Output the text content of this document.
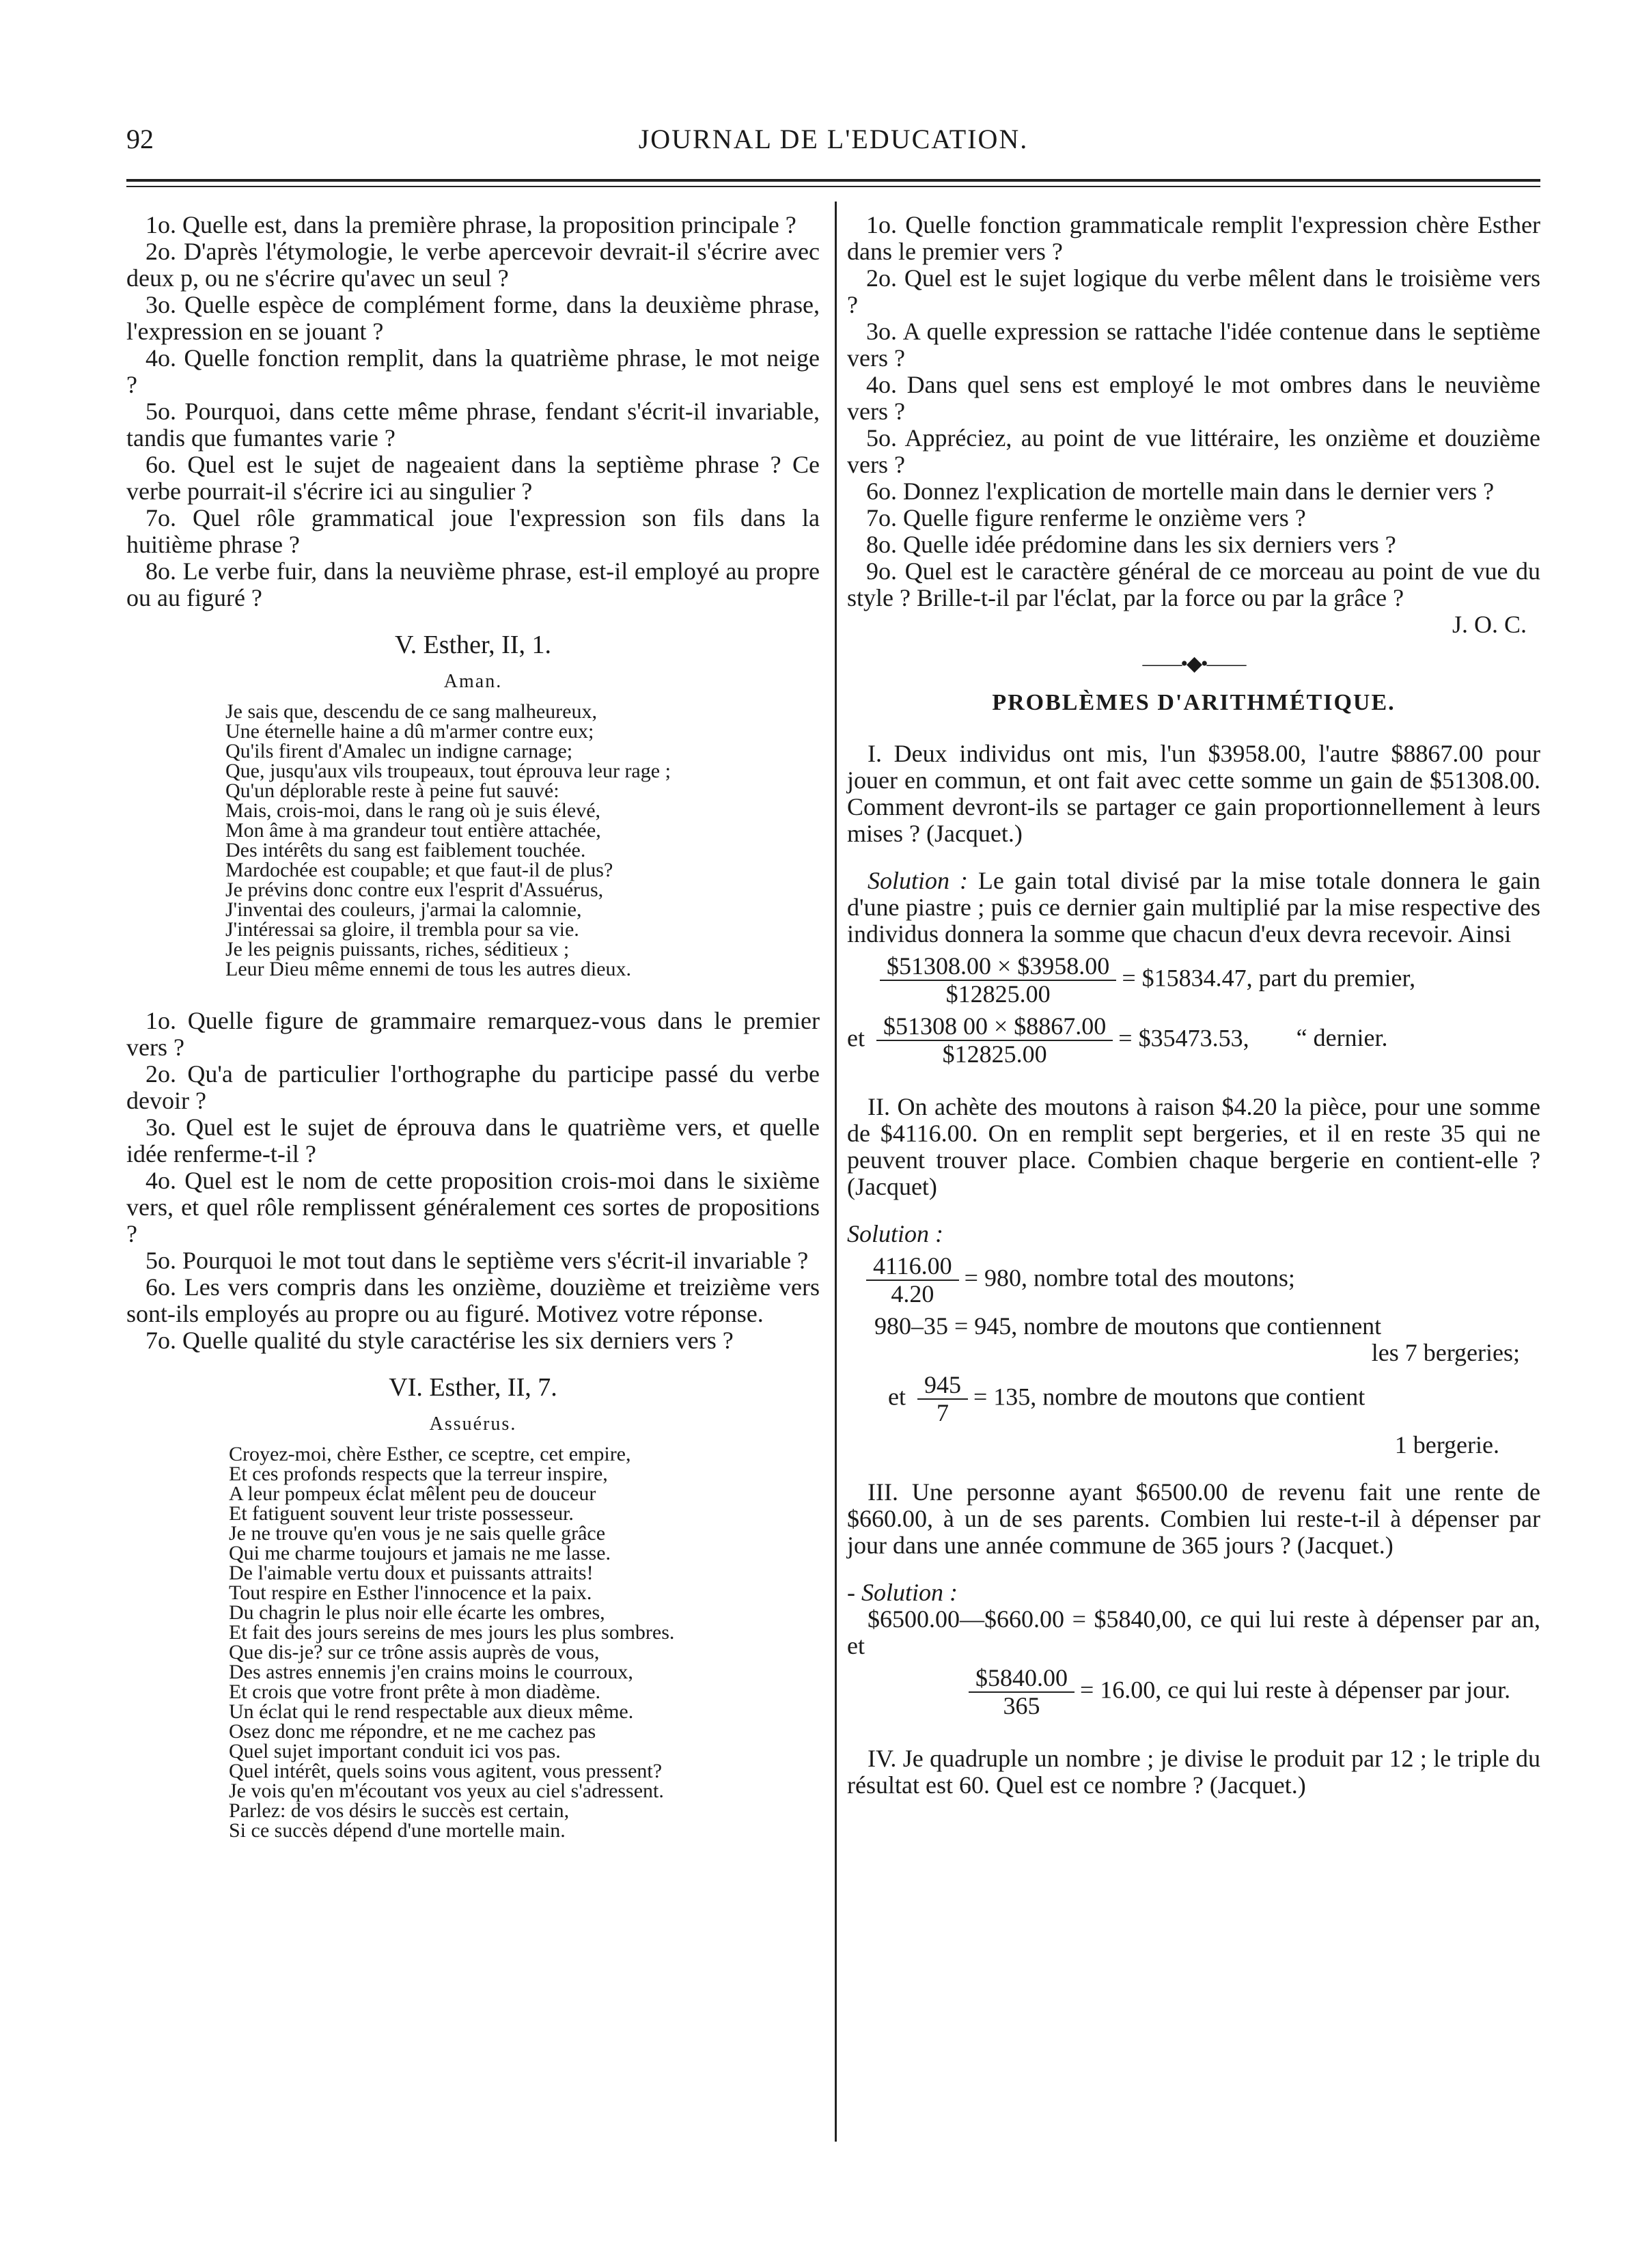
92	JOURNAL DE L'EDUCATION.

1o. Quelle est, dans la première phrase, la proposition principale ?

2o. D'après l'étymologie, le verbe apercevoir devrait-il s'écrire avec deux p, ou ne s'écrire qu'avec un seul ?

3o. Quelle espèce de complément forme, dans la deuxième phrase, l'expression en se jouant ?

4o. Quelle fonction remplit, dans la quatrième phrase, le mot neige ?

5o. Pourquoi, dans cette même phrase, fendant s'écrit-il invariable, tandis que fumantes varie ?

6o. Quel est le sujet de nageaient dans la septième phrase ? Ce verbe pourrait-il s'écrire ici au singulier ?

7o. Quel rôle grammatical joue l'expression son fils dans la huitième phrase ?

8o. Le verbe fuir, dans la neuvième phrase, est-il employé au propre ou au figuré ?

V. Esther, II, 1.
Aman.
Je sais que, descendu de ce sang malheureux,
Une éternelle haine a dû m'armer contre eux;
Qu'ils firent d'Amalec un indigne carnage;
Que, jusqu'aux vils troupeaux, tout éprouva leur rage ;
Qu'un déplorable reste à peine fut sauvé:
Mais, crois-moi, dans le rang où je suis élevé,
Mon âme à ma grandeur tout entière attachée,
Des intérêts du sang est faiblement touchée.
Mardochée est coupable; et que faut-il de plus?
Je prévins donc contre eux l'esprit d'Assuérus,
J'inventai des couleurs, j'armai la calomnie,
J'intéressai sa gloire, il trembla pour sa vie.
Je les peignis puissants, riches, séditieux ;
Leur Dieu même ennemi de tous les autres dieux.

1o. Quelle figure de grammaire remarquez-vous dans le premier vers ?

2o. Qu'a de particulier l'orthographe du participe passé du verbe devoir ?

3o. Quel est le sujet de éprouva dans le quatrième vers, et quelle idée renferme-t-il ?

4o. Quel est le nom de cette proposition crois-moi dans le sixième vers, et quel rôle remplissent généralement ces sortes de propositions ?

5o. Pourquoi le mot tout dans le septième vers s'écrit-il invariable ?

6o. Les vers compris dans les onzième, douzième et treizième vers sont-ils employés au propre ou au figuré. Motivez votre réponse.

7o. Quelle qualité du style caractérise les six derniers vers ?

VI. Esther, II, 7.
Assuérus.
Croyez-moi, chère Esther, ce sceptre, cet empire,
Et ces profonds respects que la terreur inspire,
A leur pompeux éclat mêlent peu de douceur
Et fatiguent souvent leur triste possesseur.
Je ne trouve qu'en vous je ne sais quelle grâce
Qui me charme toujours et jamais ne me lasse.
De l'aimable vertu doux et puissants attraits!
Tout respire en Esther l'innocence et la paix.
Du chagrin le plus noir elle écarte les ombres,
Et fait des jours sereins de mes jours les plus sombres.
Que dis-je? sur ce trône assis auprès de vous,
Des astres ennemis j'en crains moins le courroux,
Et crois que votre front prête à mon diadème.
Un éclat qui le rend respectable aux dieux même.
Osez donc me répondre, et ne me cachez pas
Quel sujet important conduit ici vos pas.
Quel intérêt, quels soins vous agitent, vous pressent?
Je vois qu'en m'écoutant vos yeux au ciel s'adressent.
Parlez: de vos désirs le succès est certain,
Si ce succès dépend d'une mortelle main.

1o. Quelle fonction grammaticale remplit l'expression chère Esther dans le premier vers ?

2o. Quel est le sujet logique du verbe mêlent dans le troisième vers ?

3o. A quelle expression se rattache l'idée contenue dans le septième vers ?

4o. Dans quel sens est employé le mot ombres dans le neuvième vers ?

5o. Appréciez, au point de vue littéraire, les onzième et douzième vers ?

6o. Donnez l'explication de mortelle main dans le dernier vers ?

7o. Quelle figure renferme le onzième vers ?

8o. Quelle idée prédomine dans les six derniers vers ?

9o. Quel est le caractère général de ce morceau au point de vue du style ? Brille-t-il par l'éclat, par la force ou par la grâce ?

J. O. C.

——•◆•——
PROBLÈMES D'ARITHMÉTIQUE.

I. Deux individus ont mis, l'un $3958.00, l'autre $8867.00 pour jouer en commun, et ont fait avec cette somme un gain de $51308.00. Comment devront-ils se partager ce gain proportionnellement à leurs mises ? (Jacquet.)

Solution : Le gain total divisé par la mise totale donnera le gain d'une piastre ; puis ce dernier gain multiplié par la mise respective des individus donnera la somme que chacun d'eux devra recevoir. Ainsi

$\frac{\$51308.00 \times \$3958.00}{\$12825.00}$ = $15834.47, part du premier,
et $\frac{\$51308 00 \times \$8867.00}{\$12825.00}$ = $35473.53, “ dernier.

II. On achète des moutons à raison $4.20 la pièce, pour une somme de $4116.00. On en remplit sept bergeries, et il en reste 35 qui ne peuvent trouver place. Combien chaque bergerie en contient-elle ? (Jacquet)

Solution :

$\frac{4116.00}{4.20} = 980$, nombre total des moutons;
980–35 = 945, nombre de moutons que contiennent
les 7 bergeries;
et $\frac{945}{7} = 135$, nombre de moutons que contient
1 bergerie.

III. Une personne ayant $6500.00 de revenu fait une rente de $660.00, à un de ses parents. Combien lui reste-t-il à dépenser par jour dans une année commune de 365 jours ? (Jacquet.)

- Solution :

$6500.00—$660.00 = $5840,00, ce qui lui reste à dépenser par an, et

$\frac{\$5840.00}{365} = 16.00$, ce qui lui reste à dépenser par jour.

IV. Je quadruple un nombre ; je divise le produit par 12 ; le triple du résultat est 60. Quel est ce nombre ? (Jacquet.)
